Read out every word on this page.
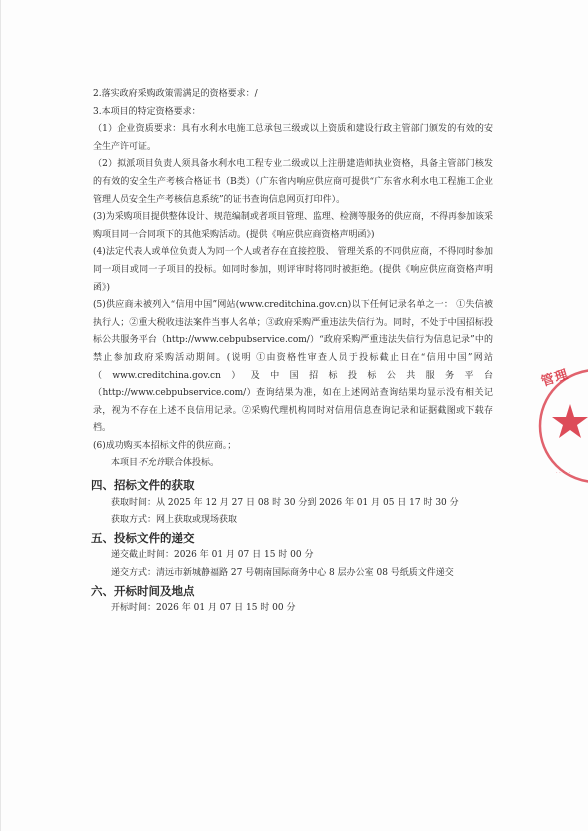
2.落实政府采购政策需满足的资格要求：/

3.本项目的特定资格要求：

（1）企业资质要求：具有水利水电施工总承包三级或以上资质和建设行政主管部门颁发的有效的安全生产许可证。

（2）拟派项目负责人须具备水利水电工程专业二级或以上注册建造师执业资格，具备主管部门核发的有效的安全生产考核合格证书（B类）（广东省内响应供应商可提供“广东省水利水电工程施工企业管理人员安全生产考核信息系统”的证书查询信息网页打印件）。

(3)为采购项目提供整体设计、规范编制或者项目管理、监理、检测等服务的供应商，不得再参加该采购项目同一合同项下的其他采购活动。(提供《响应供应商资格声明函》)

(4)法定代表人或单位负责人为同一个人或者存在直接控股、 管理关系的不同供应商，不得同时参加同一项目或同一子项目的投标。如同时参加，则评审时将同时被拒绝。(提供《响应供应商资格声明函》)

(5)供应商未被列入“信用中国”网站(www.creditchina.gov.cn)以下任何记录名单之一： ①失信被执行人；②重大税收违法案件当事人名单；③政府采购严重违法失信行为。同时，不处于中国招标投标公共服务平台（http://www.cebpubservice.com/）“政府采购严重违法失信行为信息记录”中的禁止参加政府采购活动期间。(说明 ①由资格性审查人员于投标截止日在“信用中国”网站（www.creditchina.gov.cn）及中国招标投标公共服务平台（http://www.cebpubservice.com/）查询结果为准，如在上述网站查询结果均显示没有相关记录，视为不存在上述不良信用记录。②采购代理机构同时对信用信息查询记录和证据截图或下载存档。

(6)成功购买本招标文件的供应商。；

本项目不允许联合体投标。

四、招标文件的获取

获取时间：从 2025 年 12 月 27 日 08 时 30 分到 2026 年 01 月 05 日 17 时 30 分

获取方式：网上获取或现场获取

五、投标文件的递交

递交截止时间：2026 年 01 月 07 日 15 时 00 分

递交方式：清远市新城静福路 27 号朝南国际商务中心 8 层办公室 08 号纸质文件递交

六、开标时间及地点

开标时间：2026 年 01 月 07 日 15 时 00 分

· · · · ·
管理
